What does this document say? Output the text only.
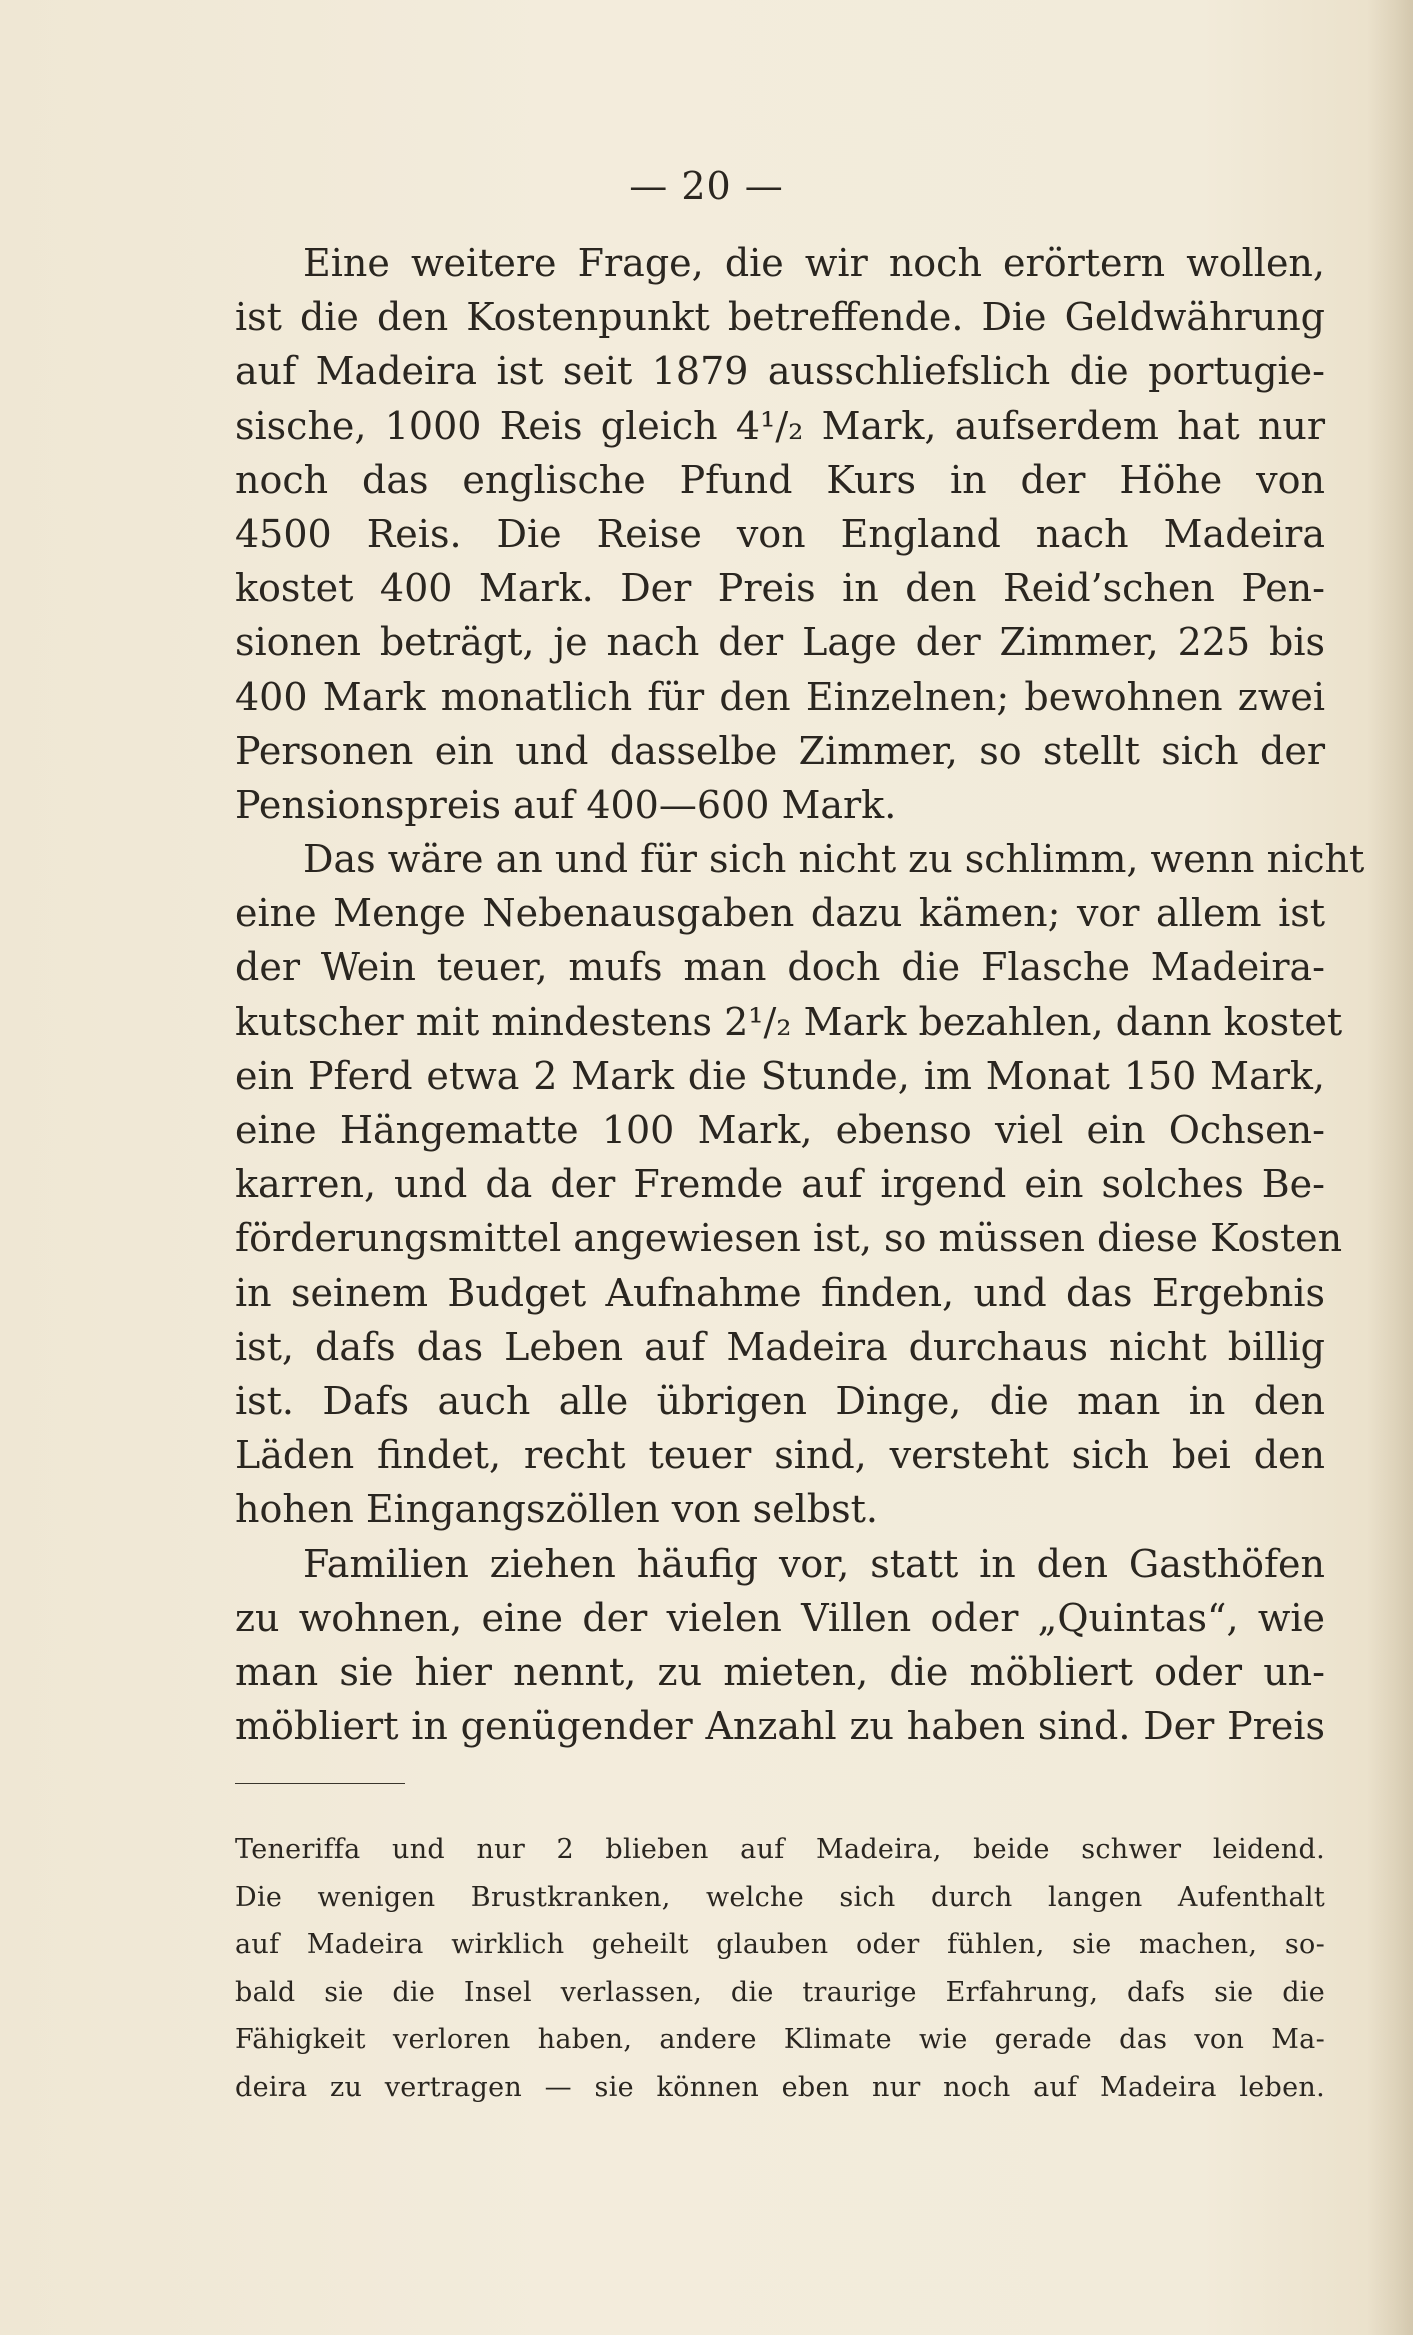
— 20 —
Eine weitere Frage, die wir noch erörtern wollen,
ist die den Kostenpunkt betreffende. Die Geldwährung
auf Madeira ist seit 1879 ausschliefslich die portugie-
sische, 1000 Reis gleich 4¹/₂ Mark, aufserdem hat nur
noch das englische Pfund Kurs in der Höhe von
4500 Reis. Die Reise von England nach Madeira
kostet 400 Mark. Der Preis in den Reid’schen Pen-
sionen beträgt, je nach der Lage der Zimmer, 225 bis
400 Mark monatlich für den Einzelnen; bewohnen zwei
Personen ein und dasselbe Zimmer, so stellt sich der
Pensionspreis auf 400—600 Mark.
Das wäre an und für sich nicht zu schlimm, wenn nicht
eine Menge Nebenausgaben dazu kämen; vor allem ist
der Wein teuer, mufs man doch die Flasche Madeira-
kutscher mit mindestens 2¹/₂ Mark bezahlen, dann kostet
ein Pferd etwa 2 Mark die Stunde, im Monat 150 Mark,
eine Hängematte 100 Mark, ebenso viel ein Ochsen-
karren, und da der Fremde auf irgend ein solches Be-
förderungsmittel angewiesen ist, so müssen diese Kosten
in seinem Budget Aufnahme finden, und das Ergebnis
ist, dafs das Leben auf Madeira durchaus nicht billig
ist. Dafs auch alle übrigen Dinge, die man in den
Läden findet, recht teuer sind, versteht sich bei den
hohen Eingangszöllen von selbst.
Familien ziehen häufig vor, statt in den Gasthöfen
zu wohnen, eine der vielen Villen oder „Quintas“, wie
man sie hier nennt, zu mieten, die möbliert oder un-
möbliert in genügender Anzahl zu haben sind. Der Preis
Teneriffa und nur 2 blieben auf Madeira, beide schwer leidend.
Die wenigen Brustkranken, welche sich durch langen Aufenthalt
auf Madeira wirklich geheilt glauben oder fühlen, sie machen, so-
bald sie die Insel verlassen, die traurige Erfahrung, dafs sie die
Fähigkeit verloren haben, andere Klimate wie gerade das von Ma-
deira zu vertragen — sie können eben nur noch auf Madeira leben.
